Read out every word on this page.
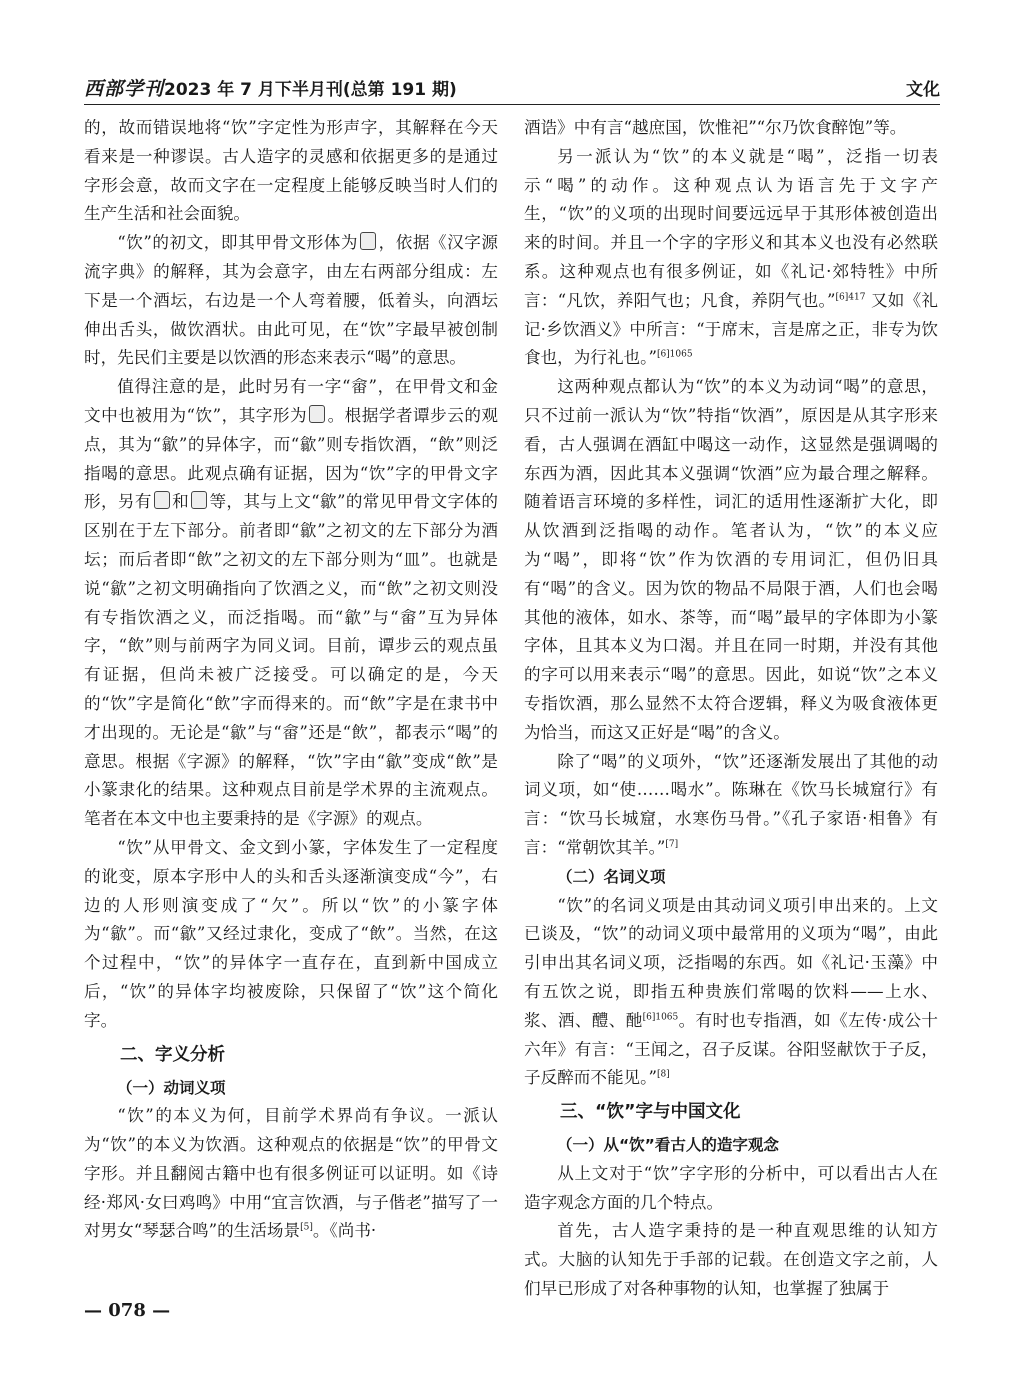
西部学刊2023 年 7 月下半月刊(总第 191 期)	文化

的，故而错误地将“饮”字定性为形声字，其解释在今天看来是一种谬误。古人造字的灵感和依据更多的是通过字形会意，故而文字在一定程度上能够反映当时人们的生产生活和社会面貌。

“饮”的初文，即其甲骨文形体为 ，依据《汉字源流字典》的解释，其为会意字，由左右两部分组成：左下是一个酒坛，右边是一个人弯着腰，低着头，向酒坛伸出舌头，做饮酒状。由此可见，在“饮”字最早被创制时，先民们主要是以饮酒的形态来表示“喝”的意思。

值得注意的是，此时另有一字“畲”，在甲骨文和金文中也被用为“饮”，其字形为 。根据学者谭步云的观点，其为“歙”的异体字，而“歙”则专指饮酒，“飲”则泛指喝的意思。此观点确有证据，因为“饮”字的甲骨文字形，另有 和 等，其与上文“歙”的常见甲骨文字体的区别在于左下部分。前者即“歙”之初文的左下部分为酒坛；而后者即“飲”之初文的左下部分则为“皿”。也就是说“歙”之初文明确指向了饮酒之义，而“飲”之初文则没有专指饮酒之义，而泛指喝。而“歙”与“畲”互为异体字，“飲”则与前两字为同义词。目前，谭步云的观点虽有证据，但尚未被广泛接受。可以确定的是，今天的“饮”字是简化“飲”字而得来的。而“飲”字是在隶书中才出现的。无论是“歙”与“畲”还是“飲”，都表示“喝”的意思。根据《字源》的解释，“饮”字由“歙”变成“飲”是小篆隶化的结果。这种观点目前是学术界的主流观点。笔者在本文中也主要秉持的是《字源》的观点。

“饮”从甲骨文、金文到小篆，字体发生了一定程度的讹变，原本字形中人的头和舌头逐渐演变成“今”，右边的人形则演变成了“欠”。所以“饮”的小篆字体为“歙”。而“歙”又经过隶化，变成了“飲”。当然，在这个过程中，“饮”的异体字一直存在，直到新中国成立后，“饮”的异体字均被废除，只保留了“饮”这个简化字。

二、字义分析
（一）动词义项

“饮”的本义为何，目前学术界尚有争议。一派认为“饮”的本义为饮酒。这种观点的依据是“饮”的甲骨文字形。并且翻阅古籍中也有很多例证可以证明。如《诗经·郑风·女曰鸡鸣》中用“宜言饮酒，与子偕老”描写了一对男女“琴瑟合鸣”的生活场景[5]。《尚书·

酒诰》中有言“越庶国，饮惟祀”“尔乃饮食醉饱”等。

另一派认为“饮”的本义就是“喝”，泛指一切表示“喝”的动作。这种观点认为语言先于文字产生，“饮”的义项的出现时间要远远早于其形体被创造出来的时间。并且一个字的字形义和其本义也没有必然联系。这种观点也有很多例证，如《礼记·郊特牲》中所言：“凡饮，养阳气也；凡食，养阴气也。”$^{[6]417}$ 又如《礼记·乡饮酒义》中所言：“于席末，言是席之正，非专为饮食也，为行礼也。”$^{[6]1065}$

这两种观点都认为“饮”的本义为动词“喝”的意思，只不过前一派认为“饮”特指“饮酒”，原因是从其字形来看，古人强调在酒缸中喝这一动作，这显然是强调喝的东西为酒，因此其本义强调“饮酒”应为最合理之解释。随着语言环境的多样性，词汇的适用性逐渐扩大化，即从饮酒到泛指喝的动作。笔者认为，“饮”的本义应为“喝”，即将“饮”作为饮酒的专用词汇，但仍旧具有“喝”的含义。因为饮的物品不局限于酒，人们也会喝其他的液体，如水、茶等，而“喝”最早的字体即为小篆字体，且其本义为口渴。并且在同一时期，并没有其他的字可以用来表示“喝”的意思。因此，如说“饮”之本义专指饮酒，那么显然不太符合逻辑，释义为吸食液体更为恰当，而这又正好是“喝”的含义。

除了“喝”的义项外，“饮”还逐渐发展出了其他的动词义项，如“使……喝水”。陈琳在《饮马长城窟行》有言：“饮马长城窟，水寒伤马骨。”《孔子家语·相鲁》有言：“常朝饮其羊。”[7]

（二）名词义项

“饮”的名词义项是由其动词义项引申出来的。上文已谈及，“饮”的动词义项中最常用的义项为“喝”，由此引申出其名词义项，泛指喝的东西。如《礼记·玉藻》中有五饮之说，即指五种贵族们常喝的饮料——上水、浆、酒、醴、酏$^{[6]1065}$。有时也专指酒，如《左传·成公十六年》有言：“王闻之，召子反谋。谷阳竖献饮于子反，子反醉而不能见。”[8]

三、“饮”字与中国文化
（一）从“饮”看古人的造字观念

从上文对于“饮”字字形的分析中，可以看出古人在造字观念方面的几个特点。

首先，古人造字秉持的是一种直观思维的认知方式。大脑的认知先于手部的记载。在创造文字之前，人们早已形成了对各种事物的认知，也掌握了独属于

— 078 —
